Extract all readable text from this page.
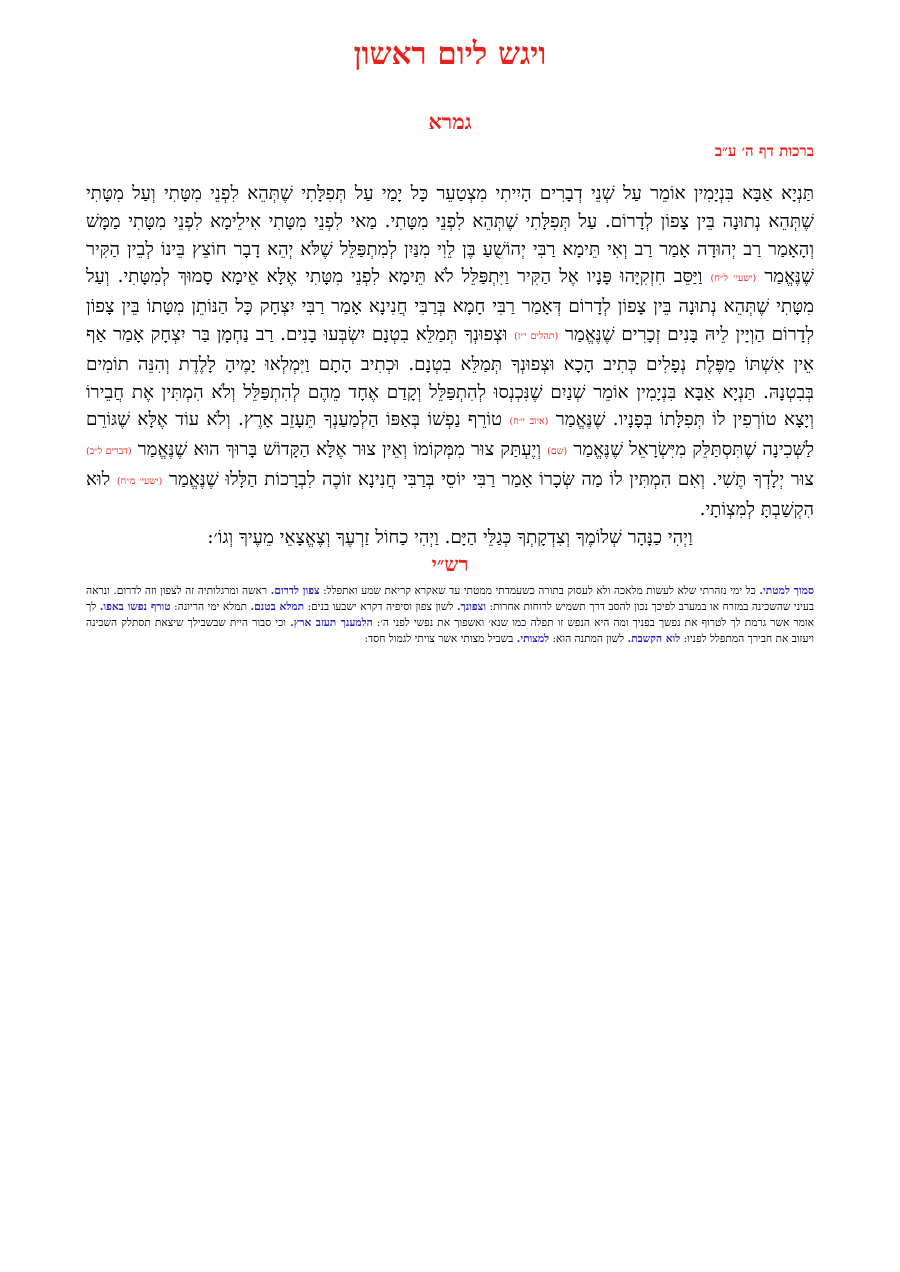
ויגש ליום ראשון
גמרא
ברכות דף ה׳ ע״ב
תַּנְיָא אַבָּא בִּנְיָמִין אוֹמֵר עַל שְׁנֵי דְבָרִים הָיִיתִי מִצְטַעֵר כָּל יָמַי עַל תְּפִלָּתִי שֶׁתְּהֵא לִפְנֵי מִטָּתִי וְעַל מִטָּתִי שֶׁתְּהֵא נְתוּנָה בֵּין צָפוֹן לְדָרוֹם. עַל תְּפִלָּתִי שֶׁתְּהֵא לִפְנֵי מִטָּתִי. מַאי לִפְנֵי מִטָּתִי אִילֵימָא לִפְנֵי מִטָּתִי מַמָּשׁ וְהָאָמַר רַב יְהוּדָה אָמַר רַב וְאִי תֵּימָא רַבִּי יְהוֹשֻׁעַ בֶּן לֵוִי מִנַּיִן לְמִתְפַּלֵּל שֶׁלֹּא יְהֵא דָבָר חוֹצֵץ בֵּינוֹ לְבֵין הַקִּיר שֶׁנֶּאֱמַר (ישעי׳ ל״ח) וַיַּסֵּב חִזְקִיָּהוּ פָּנָיו אֶל הַקִּיר וַיִּתְפַּלֵּל לֹא תֵּימָא לִפְנֵי מִטָּתִי אֶלָּא אֵימָא סָמוּךְ לְמִטָּתִי. וְעַל מִטָּתִי שֶׁתְּהֵא נְתוּנָה בֵּין צָפוֹן לְדָרוֹם דְּאָמַר רַבִּי חָמָא בְּרַבִּי חֲנִינָא אָמַר רַבִּי יִצְחָק כָּל הַנּוֹתֵן מִטָּתוֹ בֵּין צָפוֹן לְדָרוֹם הַוְיָין לֵיהּ בָּנִים זְכָרִים שֶׁנֶּאֱמַר (תהלים י״ז) וּצְפוּנְךָ תְּמַלֵּא בִטְנָם יִשְׂבְּעוּ בָנִים. רַב נַחְמָן בַּר יִצְחָק אָמַר אַף אֵין אִשְׁתּוֹ מַפֶּלֶת נְפָלִים כְּתִיב הָכָא וּצְפוּנְךָ תְּמַלֵּא בִטְנָם. וּכְתִיב הָתָם וַיִּמְלְאוּ יָמֶיהָ לָלֶדֶת וְהִנֵּה תוֹמִים בְּבִטְנָהּ. תַּנְיָא אַבָּא בִּנְיָמִין אוֹמֵר שְׁנַיִם שֶׁנִּכְנְסוּ לְהִתְפַּלֵּל וְקָדַם אֶחָד מֵהֶם לְהִתְפַּלֵּל וְלֹא הִמְתִּין אֶת חֲבֵירוֹ וְיָצָא טוֹרְפִין לוֹ תְּפִלָּתוֹ בְּפָנָיו. שֶׁנֶּאֱמַר (איוב י״ח) טוֹרֵף נַפְשׁוֹ בְּאַפּוֹ הַלְמַעַנְךָ תֵּעָזֵב אָרֶץ. וְלֹא עוֹד אֶלָּא שֶׁגּוֹרֵם לַשְּׁכִינָה שֶׁתִּסְתַּלֵּק מִיִּשְׂרָאֵל שֶׁנֶּאֱמַר (שם) וְיֶעְתַּק צוּר מִמְּקוֹמוֹ וְאֵין צוּר אֶלָּא הַקָּדוֹשׁ בָּרוּךְ הוּא שֶׁנֶּאֱמַר (דברים ל״ב) צוּר יְלָדְךָ תֶּשִׁי. וְאִם הִמְתִּין לוֹ מַה שְּׂכָרוֹ אָמַר רַבִּי יוֹסֵי בְּרַבִּי חֲנִינָא זוֹכֶה לִבְרָכוֹת הַלָּלוּ שֶׁנֶּאֱמַר (ישעי׳ מ״ח) לוּא הִקְשַׁבְתָּ לְמִצְוֹתָי.
וַיְהִי כַנָּהָר שְׁלוֹמֶךָ וְצִדְקָתְךָ כְּגַלֵּי הַיָּם. וַיְהִי כַחוֹל זַרְעֶךָ וְצֶאֱצָאֵי מֵעֶיךָ וְגוֹ׳:
רש״י
סמוך למטתי. כל ימי נזהרתי שלא לעשות מלאכה ולא לעסוק בתורה כשעמדתי ממטתי עד שאקרא קריאת שמע ואתפלל: צפון לדרום. ראשה ומרגלותיה זה לצפון וזה לדרום. ונראה בעיני שהשכינה במזרח או במערב לפיכך נכון להסב דרך תשמיש לרוחות אחרות: וצפונך. לשון צפון וסיפיה דקרא ישבעו בנים: תמלא בטנם. תמלא ימי הריונה: טורף נפשו באפו. לך אומר אשר גרמת לך לטרוף את נפשך בפניך ומה היא הנפש זו תפלה כמו שנא׳ ואשפוך את נפשי לפני ה׳: הלמענך תעזב ארץ. וכי סבור היית שבשבילך שיצאת תסתלק השכינה ויעזוב את חבירך המתפלל לפניו: לוא הקשבת. לשון המתנה הוא: למצותי. בשביל מצותי אשר צויתי לגמול חסד:
